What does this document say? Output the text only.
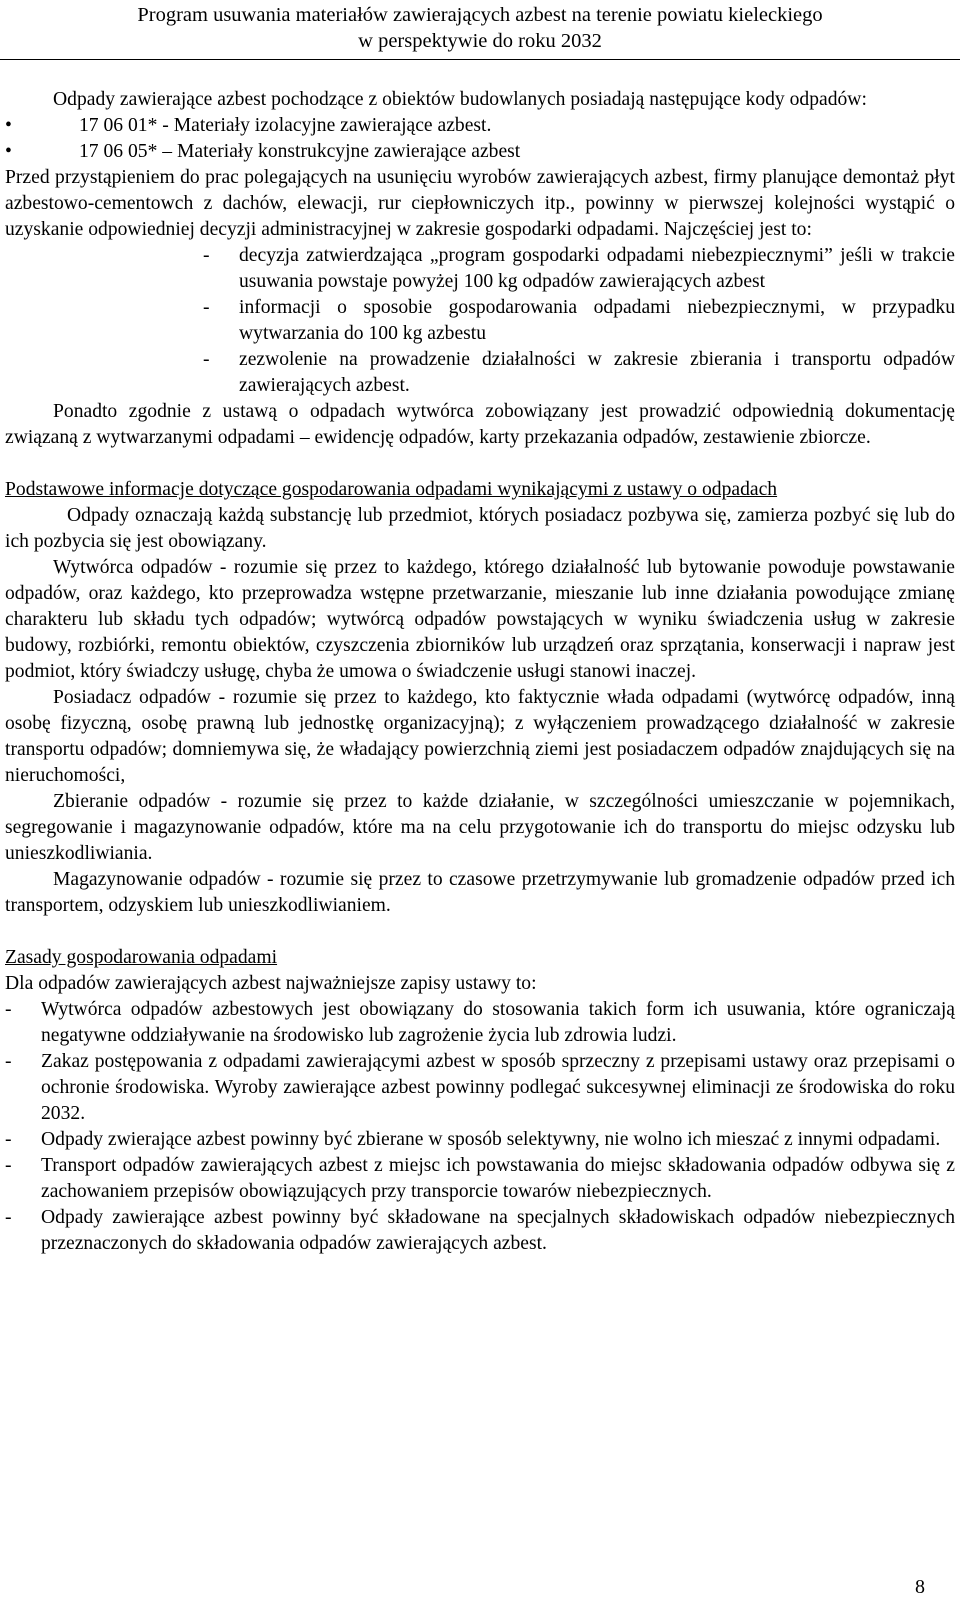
Program usuwania materiałów zawierających azbest na terenie powiatu kieleckiego
w perspektywie do roku 2032

Odpady zawierające azbest pochodzące z obiektów budowlanych posiadają następujące kody odpadów:

•	17 06 01* - Materiały izolacyjne zawierające azbest.
•	17 06 05* – Materiały konstrukcyjne zawierające azbest

Przed przystąpieniem do prac polegających na usunięciu wyrobów zawierających azbest, firmy planujące demontaż płyt azbestowo-cementowch z dachów, elewacji, rur ciepłowniczych itp., powinny w pierwszej kolejności wystąpić o uzyskanie odpowiedniej decyzji administracyjnej w zakresie gospodarki odpadami. Najczęściej jest to:

- decyzja zatwierdzająca „program gospodarki odpadami niebezpiecznymi” jeśli w trakcie usuwania powstaje powyżej 100 kg odpadów zawierających azbest
- informacji o sposobie gospodarowania odpadami niebezpiecznymi, w przypadku wytwarzania do 100 kg azbestu
- zezwolenie na prowadzenie działalności w zakresie zbierania i transportu odpadów zawierających azbest.

Ponadto zgodnie z ustawą o odpadach wytwórca zobowiązany jest prowadzić odpowiednią dokumentację związaną z wytwarzanymi odpadami – ewidencję odpadów, karty przekazania odpadów, zestawienie zbiorcze.

Podstawowe informacje dotyczące gospodarowania odpadami wynikającymi z ustawy o odpadach

Odpady oznaczają każdą substancję lub przedmiot, których posiadacz pozbywa się, zamierza pozbyć się lub do ich pozbycia się jest obowiązany.

Wytwórca odpadów - rozumie się przez to każdego, którego działalność lub bytowanie powoduje powstawanie odpadów, oraz każdego, kto przeprowadza wstępne przetwarzanie, mieszanie lub inne działania powodujące zmianę charakteru lub składu tych odpadów; wytwórcą odpadów powstających w wyniku świadczenia usług w zakresie budowy, rozbiórki, remontu obiektów, czyszczenia zbiorników lub urządzeń oraz sprzątania, konserwacji i napraw jest podmiot, który świadczy usługę, chyba że umowa o świadczenie usługi stanowi inaczej.

Posiadacz odpadów - rozumie się przez to każdego, kto faktycznie włada odpadami (wytwórcę odpadów, inną osobę fizyczną, osobę prawną lub jednostkę organizacyjną); z wyłączeniem prowadzącego działalność w zakresie transportu odpadów; domniemywa się, że władający powierzchnią ziemi jest posiadaczem odpadów znajdujących się na nieruchomości,

Zbieranie odpadów - rozumie się przez to każde działanie, w szczególności umieszczanie w pojemnikach, segregowanie i magazynowanie odpadów, które ma na celu przygotowanie ich do transportu do miejsc odzysku lub unieszkodliwiania.

Magazynowanie odpadów - rozumie się przez to czasowe przetrzymywanie lub gromadzenie odpadów przed ich transportem, odzyskiem lub unieszkodliwianiem.

Zasady gospodarowania odpadami

Dla odpadów zawierających azbest najważniejsze zapisy ustawy to:

- Wytwórca odpadów azbestowych jest obowiązany do stosowania takich form ich usuwania, które ograniczają negatywne oddziaływanie na środowisko lub zagrożenie życia lub zdrowia ludzi.
- Zakaz postępowania z odpadami zawierającymi azbest w sposób sprzeczny z przepisami ustawy oraz przepisami o ochronie środowiska. Wyroby zawierające azbest powinny podlegać sukcesywnej eliminacji ze środowiska do roku 2032.
- Odpady zwierające azbest powinny być zbierane w sposób selektywny, nie wolno ich mieszać z innymi odpadami.
- Transport odpadów zawierających azbest z miejsc ich powstawania do miejsc składowania odpadów odbywa się z zachowaniem przepisów obowiązujących przy transporcie towarów niebezpiecznych.
- Odpady zawierające azbest powinny być składowane na specjalnych składowiskach odpadów niebezpiecznych przeznaczonych do składowania odpadów zawierających azbest.
8
